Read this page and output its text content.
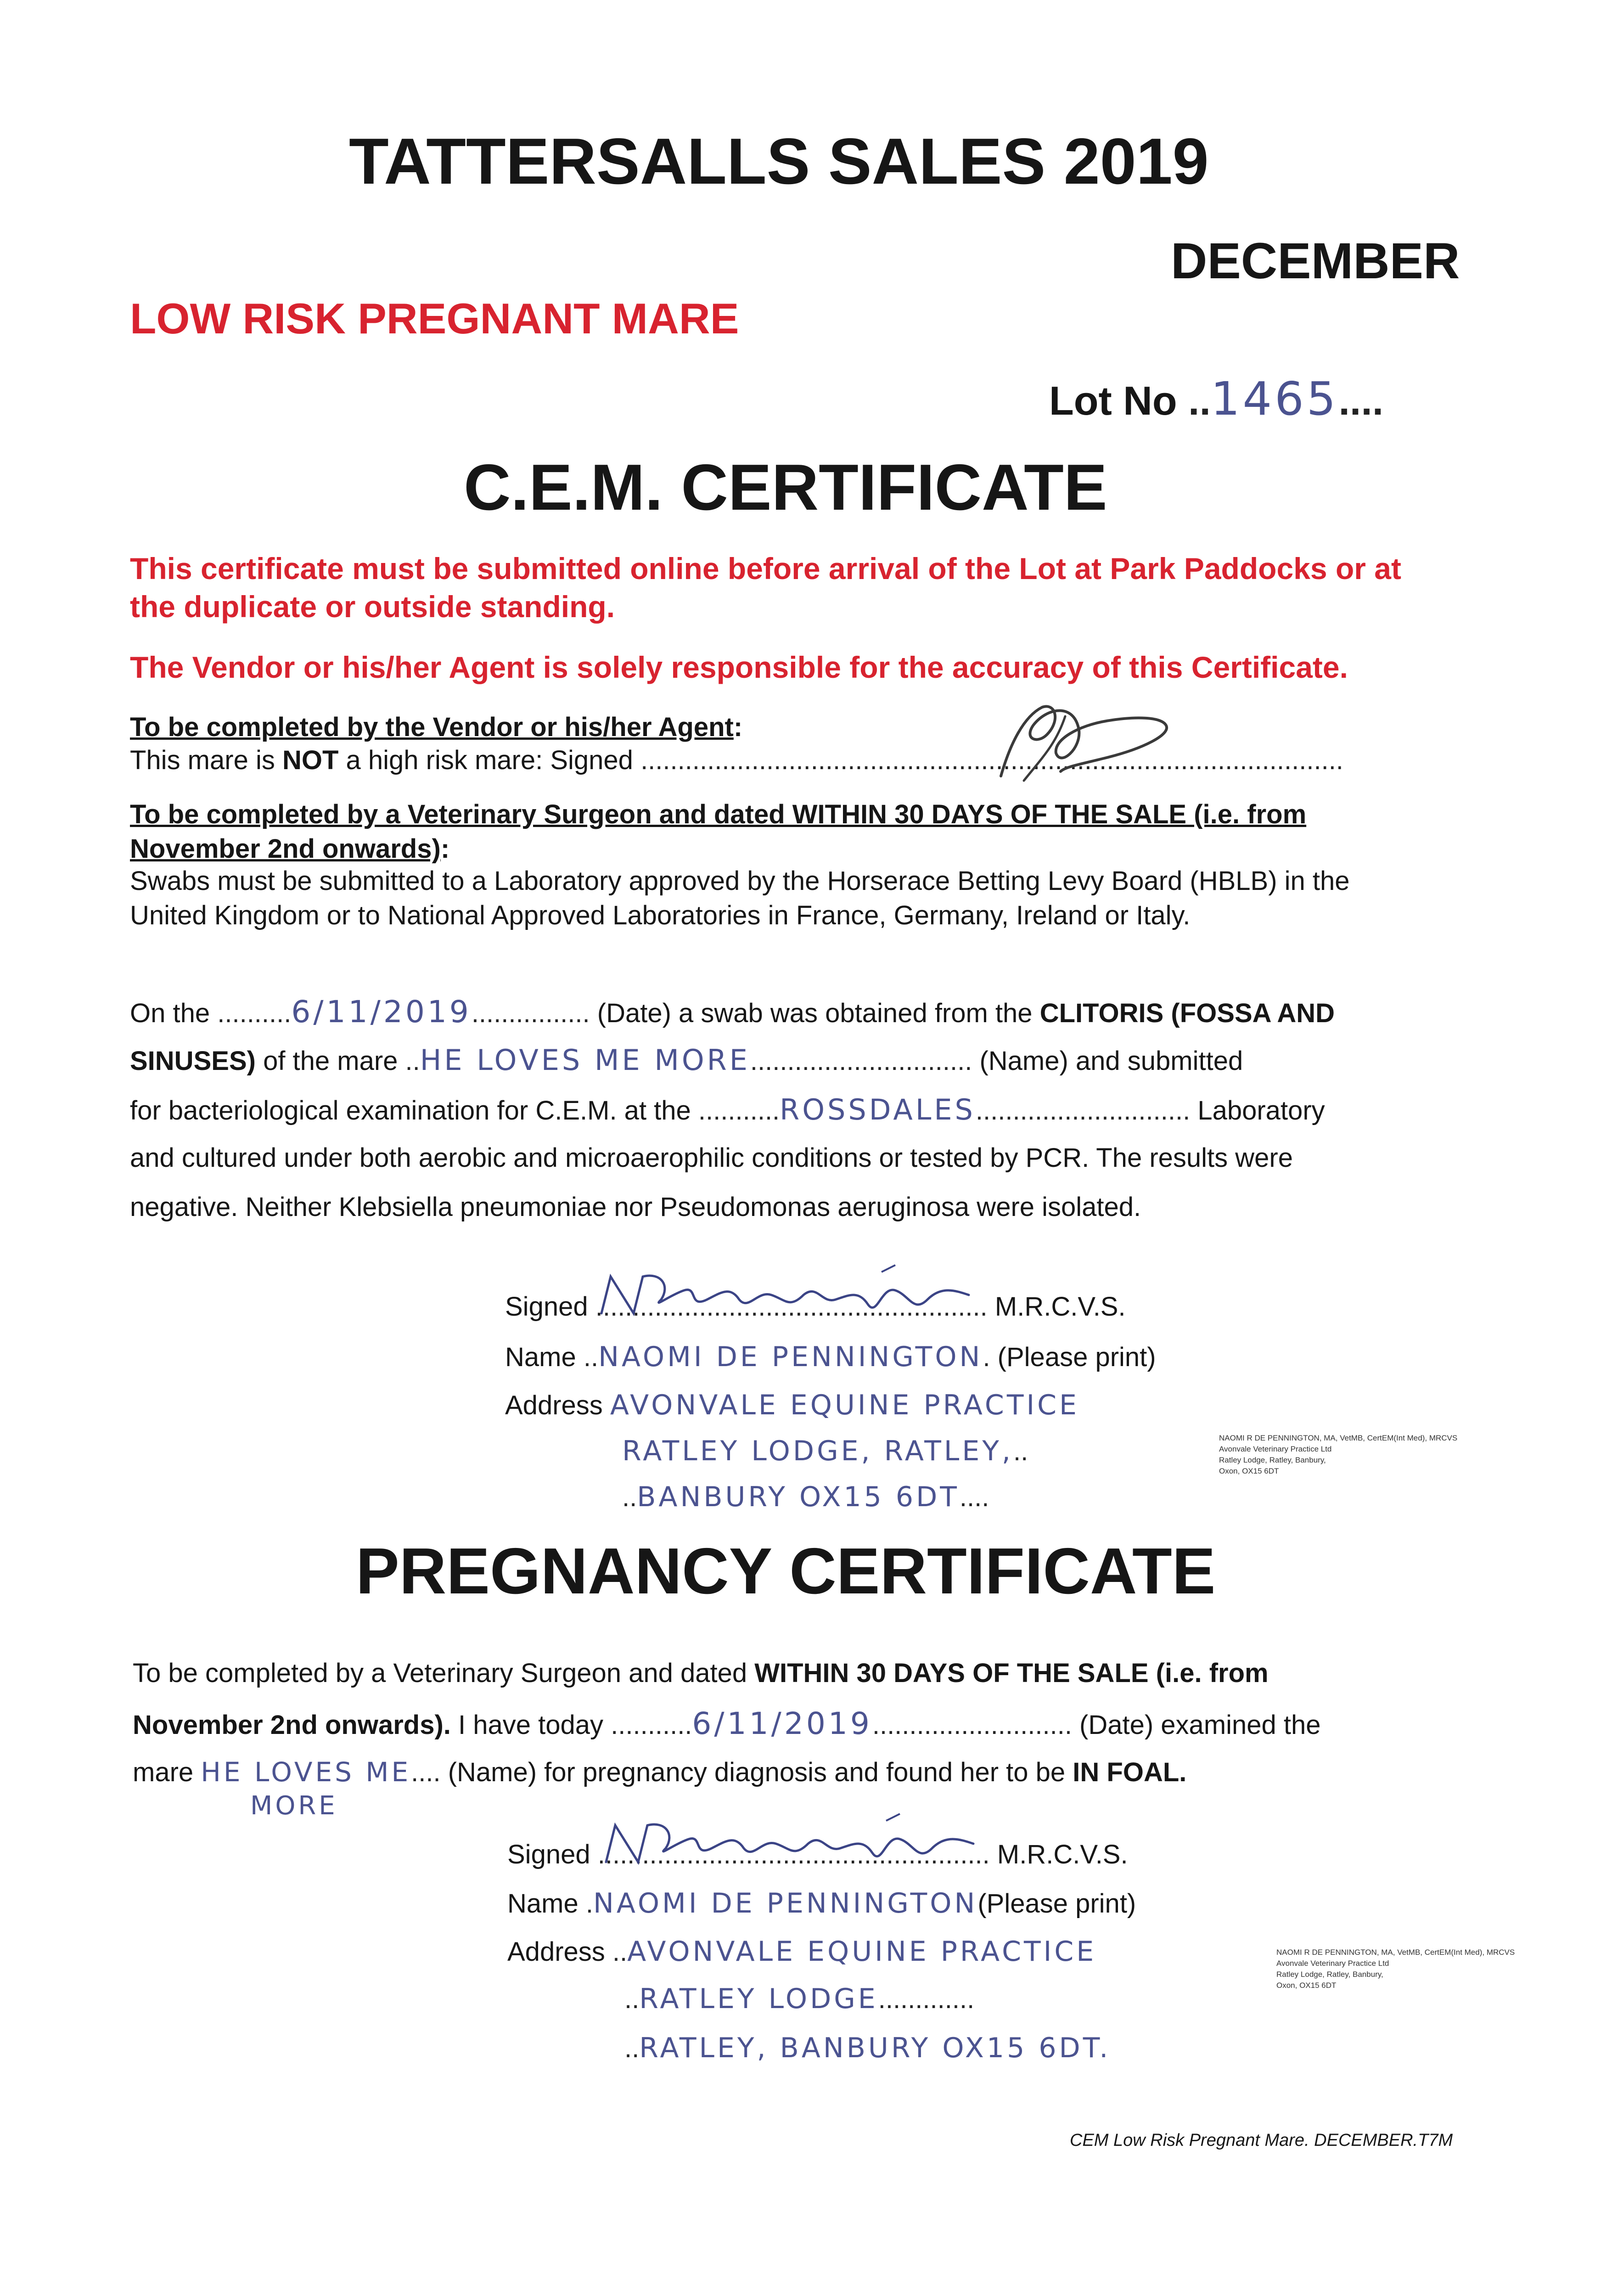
TATTERSALLS SALES 2019
DECEMBER
LOW RISK PREGNANT MARE
Lot No ..1465....
C.E.M. CERTIFICATE
This certificate must be submitted online before arrival of the Lot at Park Paddocks or at
the duplicate or outside standing.
The Vendor or his/her Agent is solely responsible for the accuracy of this Certificate.
To be completed by the Vendor or his/her Agent:
This mare is NOT a high risk mare: Signed ...............................................................................................
To be completed by a Veterinary Surgeon and dated WITHIN 30 DAYS OF THE SALE (i.e. from
November 2nd onwards):
Swabs must be submitted to a Laboratory approved by the Horserace Betting Levy Board (HBLB) in the
United Kingdom or to National Approved Laboratories in France, Germany, Ireland or Italy.
On the ..........6/11/2019................ (Date) a swab was obtained from the CLITORIS (FOSSA AND
SINUSES) of the mare ..HE LOVES ME MORE.............................. (Name) and submitted
for bacteriological examination for C.E.M. at the ...........ROSSDALES............................. Laboratory
and cultured under both aerobic and microaerophilic conditions or tested by PCR. The results were
negative. Neither Klebsiella pneumoniae nor Pseudomonas aeruginosa were isolated.
Signed ..................................................... M.R.C.V.S.
Name ..NAOMI DE PENNINGTON. (Please print)
Address AVONVALE EQUINE PRACTICE
RATLEY LODGE, RATLEY,..
..BANBURY OX15 6DT....
NAOMI R DE PENNINGTON, MA, VetMB, CertEM(Int Med), MRCVS
Avonvale Veterinary Practice Ltd
Ratley Lodge, Ratley, Banbury,
Oxon, OX15 6DT
PREGNANCY CERTIFICATE
To be completed by a Veterinary Surgeon and dated WITHIN 30 DAYS OF THE SALE (i.e. from
November 2nd onwards). I have today ...........6/11/2019........................... (Date) examined the
mare HE LOVES ME.... (Name) for pregnancy diagnosis and found her to be IN FOAL.
MORE
Signed ..................................................... M.R.C.V.S.
Name .NAOMI DE PENNINGTON(Please print)
Address ..AVONVALE EQUINE PRACTICE
..RATLEY LODGE.............
..RATLEY, BANBURY OX15 6DT.
NAOMI R DE PENNINGTON, MA, VetMB, CertEM(Int Med), MRCVS
Avonvale Veterinary Practice Ltd
Ratley Lodge, Ratley, Banbury,
Oxon, OX15 6DT
CEM Low Risk Pregnant Mare. DECEMBER.T7M
